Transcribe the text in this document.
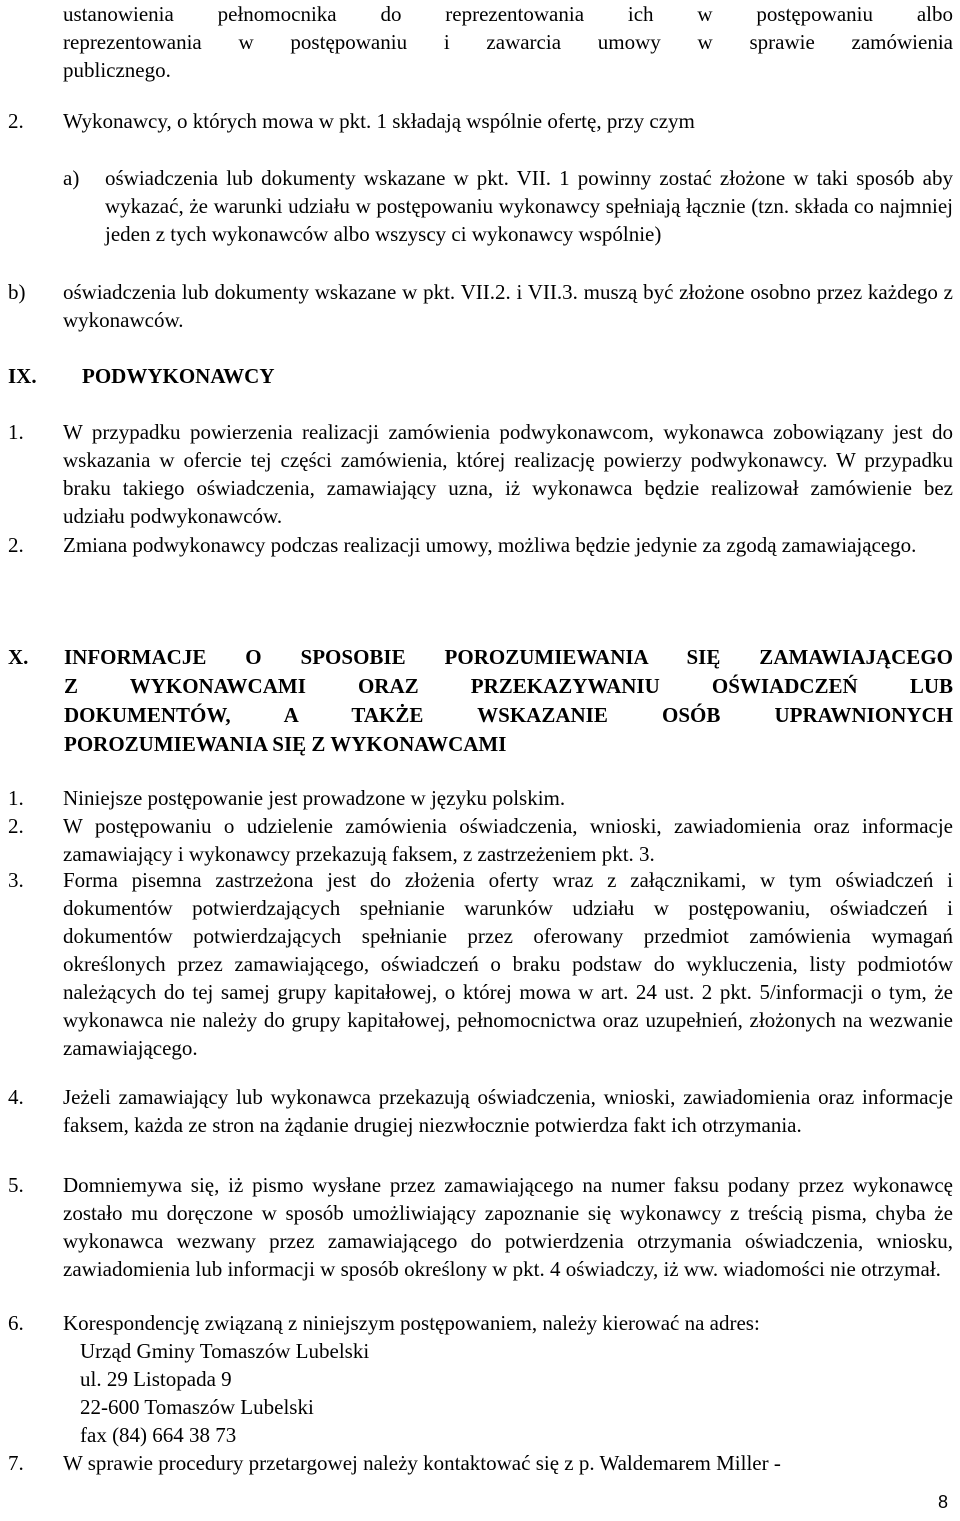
ustanowienia pełnomocnika do reprezentowania ich w postępowaniu albo
reprezentowania w postępowaniu i zawarcia umowy w sprawie zamówienia
publicznego.
2.	Wykonawcy, o których mowa w pkt. 1 składają wspólnie ofertę, przy czym
a) oświadczenia lub dokumenty wskazane w pkt. VII. 1 powinny zostać złożone w taki sposób aby wykazać, że warunki udziału w postępowaniu wykonawcy spełniają łącznie (tzn. składa co najmniej jeden z tych wykonawców albo wszyscy ci wykonawcy wspólnie)
b) oświadczenia lub dokumenty wskazane w pkt. VII.2. i VII.3. muszą być złożone osobno przez każdego z wykonawców.
IX. PODWYKONAWCY
1.	W przypadku powierzenia realizacji zamówienia podwykonawcom, wykonawca zobowiązany jest do wskazania w ofercie tej części zamówienia, której realizację powierzy podwykonawcy. W przypadku braku takiego oświadczenia, zamawiający uzna, iż wykonawca będzie realizował zamówienie bez udziału podwykonawców.
2.	Zmiana podwykonawcy podczas realizacji umowy, możliwa będzie jedynie za zgodą zamawiającego.
X. INFORMACJE O SPOSOBIE POROZUMIEWANIA SIĘ ZAMAWIAJĄCEGO
Z WYKONAWCAMI ORAZ PRZEKAZYWANIU OŚWIADCZEŃ LUB
DOKUMENTÓW, A TAKŻE WSKAZANIE OSÓB UPRAWNIONYCH
POROZUMIEWANIA SIĘ Z WYKONAWCAMI
1.	Niniejsze postępowanie jest prowadzone w języku polskim.
2.	W postępowaniu o udzielenie zamówienia oświadczenia, wnioski, zawiadomienia oraz informacje zamawiający i wykonawcy przekazują faksem, z zastrzeżeniem pkt. 3.
3.	Forma pisemna zastrzeżona jest do złożenia oferty wraz z załącznikami, w tym oświadczeń i dokumentów potwierdzających spełnianie warunków udziału w postępowaniu, oświadczeń i dokumentów potwierdzających spełnianie przez oferowany przedmiot zamówienia wymagań określonych przez zamawiającego, oświadczeń o braku podstaw do wykluczenia, listy podmiotów należących do tej samej grupy kapitałowej, o której mowa w art. 24 ust. 2 pkt. 5/informacji o tym, że wykonawca nie należy do grupy kapitałowej, pełnomocnictwa oraz uzupełnień, złożonych na wezwanie zamawiającego.
4.	Jeżeli zamawiający lub wykonawca przekazują oświadczenia, wnioski, zawiadomienia oraz informacje faksem, każda ze stron na żądanie drugiej niezwłocznie potwierdza fakt ich otrzymania.
5.	Domniemywa się, iż pismo wysłane przez zamawiającego na numer faksu podany przez wykonawcę zostało mu doręczone w sposób umożliwiający zapoznanie się wykonawcy z treścią pisma, chyba że wykonawca wezwany przez zamawiającego do potwierdzenia otrzymania oświadczenia, wniosku, zawiadomienia lub informacji w sposób określony w pkt. 4 oświadczy, iż ww. wiadomości nie otrzymał.
6.	Korespondencję związaną z niniejszym postępowaniem, należy kierować na adres:
Urząd Gminy Tomaszów Lubelski
ul. 29 Listopada 9
22-600 Tomaszów Lubelski
fax (84) 664 38 73
7.	W sprawie procedury przetargowej należy kontaktować się z p. Waldemarem Miller -
8
